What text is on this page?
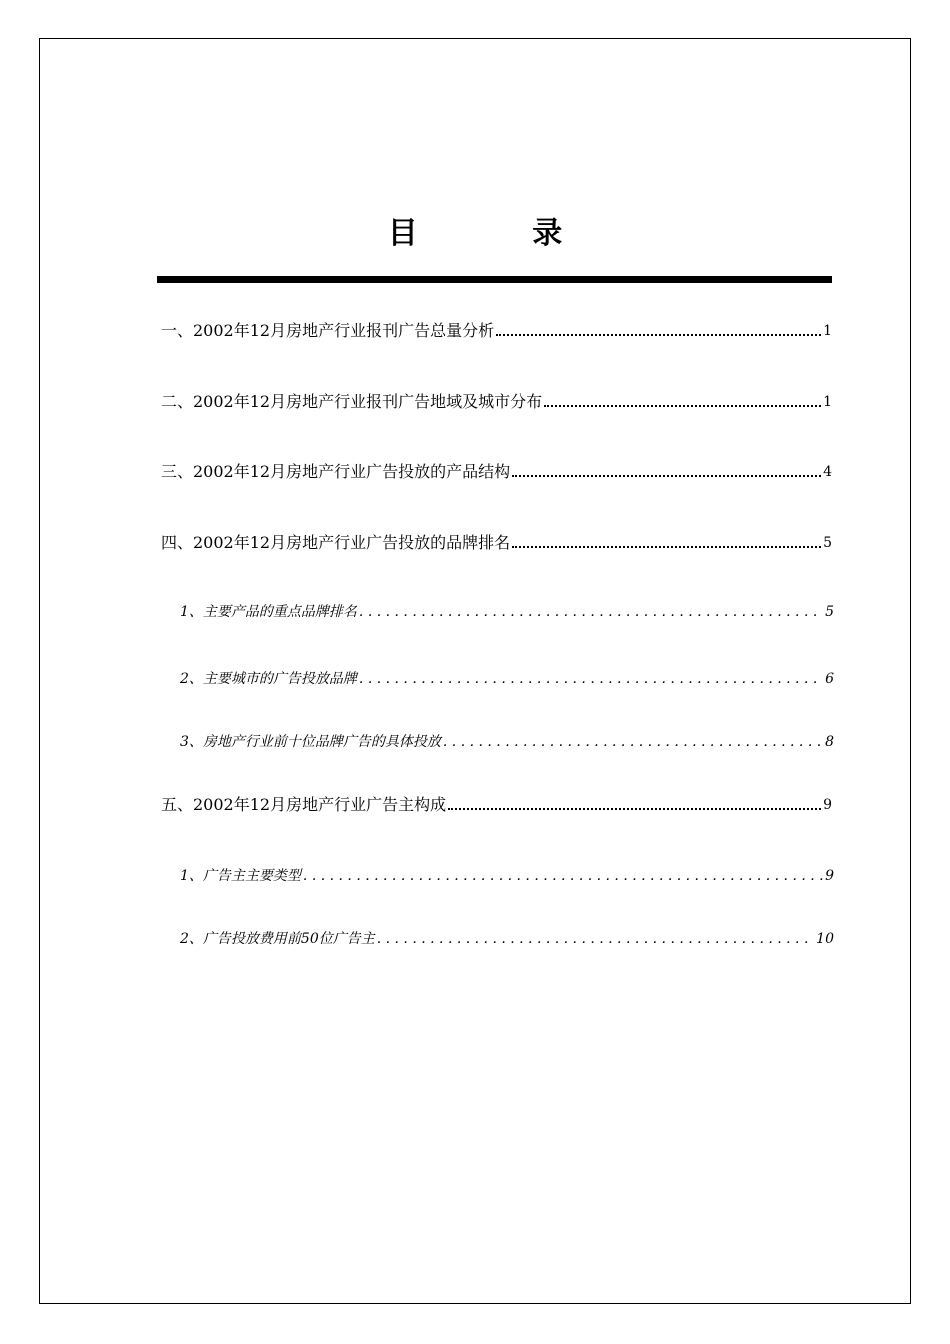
目 录
一、2002年12月房地产行业报刊广告总量分析	1
二、2002年12月房地产行业报刊广告地域及城市分布	1
三、2002年12月房地产行业广告投放的产品结构	4
四、2002年12月房地产行业广告投放的品牌排名	5
1、主要产品的重点品牌排名 . . .	5
2、主要城市的广告投放品牌 . . .	6
3、房地产行业前十位品牌广告的具体投放 . . .	8
五、2002年12月房地产行业广告主构成	9
1、广告主主要类型 . . .	9
2、广告投放费用前50位广告主 . . .	10
